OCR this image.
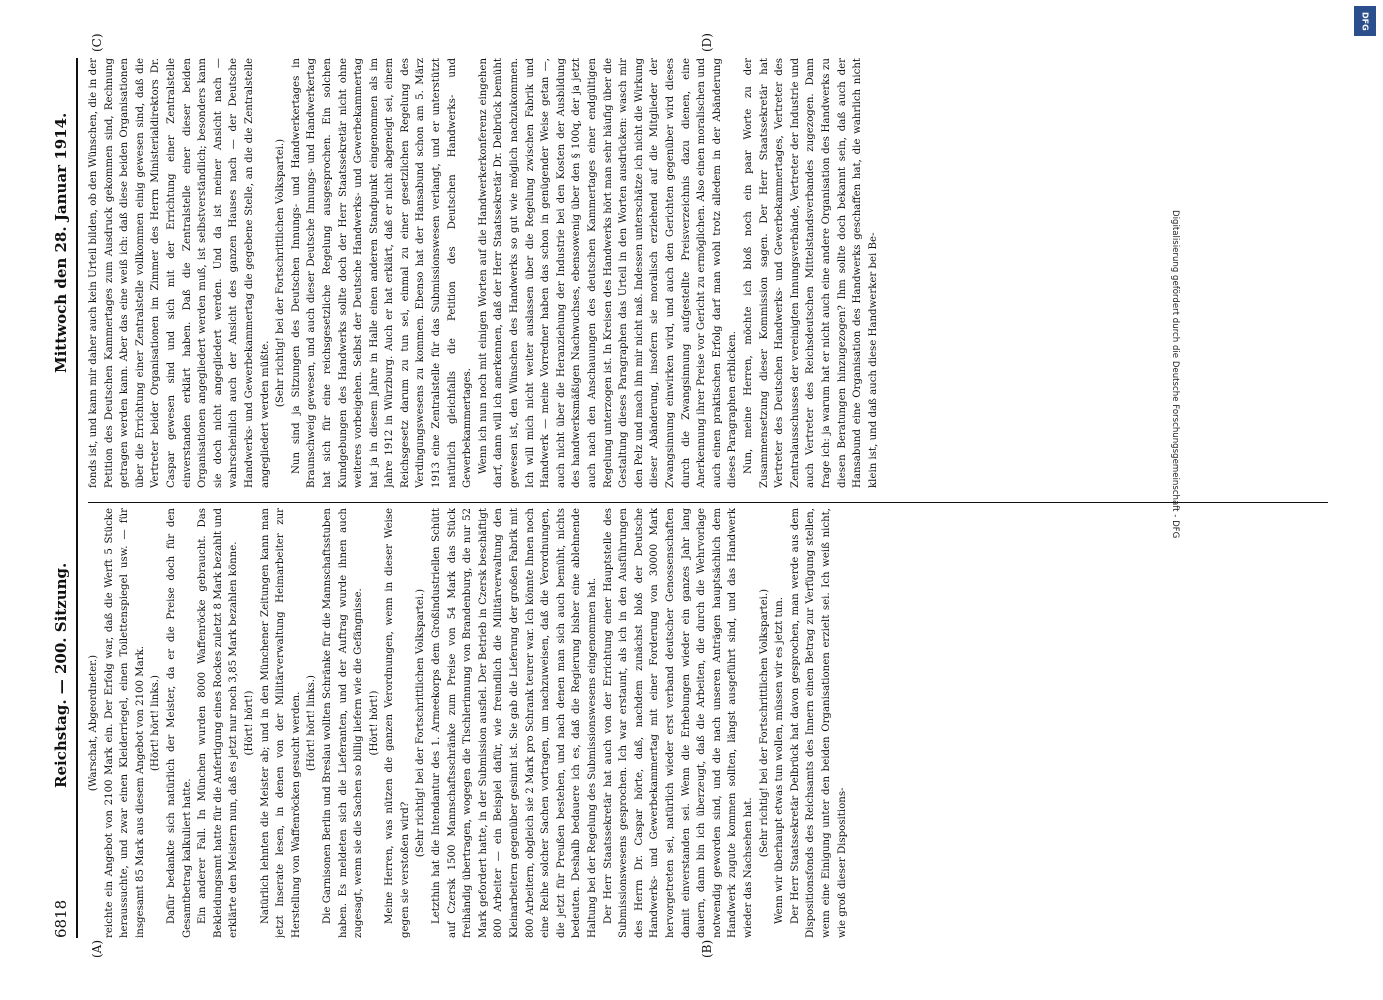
6818
Reichstag. — 200. Sitzung.
Mittwoch den 28. Januar 1914.
(A)	(B)
(C)	(D)

(Warschat, Abgeordneter.) reichte ein Angebot von 2100 Mark ein. Der Erfolg war, daß die Werft 5 Stücke heraussuchte, und zwar einen Kleiderriegel, einen Toilettenspiegel usw. — für insgesamt 85 Mark aus diesem Angebot von 2100 Mark. (Hört! hört! links.) Dafür bedankte sich natürlich der Meister, da er die Preise doch für den Gesamtbetrag kalkuliert hatte. Ein anderer Fall. In München wurden 8000 Waffenröcke gebraucht. Das Bekleidungsamt hatte für die Anfertigung eines Rockes zuletzt 8 Mark bezahlt und erklärte den Meistern nun, daß es jetzt nur noch 3,85 Mark bezahlen könne. (Hört! hört!) Natürlich lehnten die Meister ab; und in den Münchener Zeitungen kann man jetzt Inserate lesen, in denen von der Militärverwaltung Heimarbeiter zur Herstellung von Waffenröcken gesucht werden. (Hört! hört! links.) Die Garnisonen Berlin und Breslau wollten Schränke für die Mannschaftsstuben haben. Es meldeten sich die Lieferanten, und der Auftrag wurde ihnen auch zugesagt, wenn sie die Sachen so billig liefern wie die Gefängnisse. (Hört! hört!) Meine Herren, was nützen die ganzen Verordnungen, wenn in dieser Weise gegen sie verstoßen wird?

(Sehr richtig! bei der Fortschrittlichen Volkspartei.) Letzthin hat die Intendantur des 1. Armeekorps dem Großindustriellen Schütt auf Czersk 1500 Mannschaftsschränke zum Preise von 54 Mark das Stück freihändig übertragen, wogegen die Tischlerinnung von Brandenburg, die nur 52 Mark gefordert hatte, in der Submission ausfiel. Der Betrieb in Czersk beschäftigt 800 Arbeiter — ein Beispiel dafür, wie freundlich die Militärverwaltung den Kleinarbeitern gegenüber gesinnt ist. Sie gab die Lieferung der großen Fabrik mit 800 Arbeitern, obgleich sie 2 Mark pro Schrank teurer war. Ich könnte Ihnen noch eine Reihe solcher Sachen vortragen, um nachzuweisen, daß die Verordnungen, die jetzt für Preußen bestehen, und nach denen man sich auch bemüht, nichts bedeuten. Deshalb bedauere ich es, daß die Regierung bisher eine ablehnende Haltung bei der Regelung des Submissionswesens eingenommen hat. Der Herr Staatssekretär hat auch von der Errichtung einer Hauptstelle des Submissionswesens gesprochen. Ich war erstaunt, als ich in den Ausführungen des Herrn Dr. Caspar hörte, daß, nachdem zunächst bloß der Deutsche Handwerks- und Gewerbekammertag mit einer Forderung von 30000 Mark hervorgetreten sei, natürlich wieder erst verband deutscher Genossenschaften damit einverstanden sei. Wenn die Erhebungen wieder ein ganzes Jahr lang dauern, dann bin ich überzeugt, daß die Arbeiten, die durch die Wehrvorlage notwendig geworden sind, und die nach unseren Anträgen hauptsächlich dem Handwerk zugute kommen sollten, längst ausgeführt sind, und das Handwerk wieder das Nachsehen hat.

(Sehr richtig! bei der Fortschrittlichen Volkspartei.) Wenn wir überhaupt etwas tun wollen, müssen wir es jetzt tun. Der Herr Staatssekretär Delbrück hat davon gesprochen, man werde aus dem Dispositionsfonds des Reichsamts des Innern einen Betrag zur Verfügung stellen, wenn eine Einigung unter den beiden Organisationen erzielt sei. Ich weiß nicht, wie groß dieser Dispositions-

fonds ist, und kann mir daher auch kein Urteil bilden, ob den Wünschen, die in der Petition des Deutschen Kammertages zum Ausdruck gekommen sind, Rechnung getragen werden kann. Aber das eine weiß ich: daß diese beiden Organisationen über die Errichtung einer Zentralstelle vollkommen einig gewesen sind, daß die Vertreter beider Organisationen im Zimmer des Herrn Ministerialdirektors Dr. Caspar gewesen sind und sich mit der Errichtung einer Zentralstelle einverstanden erklärt haben. Daß die Zentralstelle einer dieser beiden Organisationen angegliedert werden muß, ist selbstverständlich; besonders kann sie doch nicht angegliedert werden. Und da ist meiner Ansicht nach — wahrscheinlich auch der Ansicht des ganzen Hauses nach — der Deutsche Handwerks- und Gewerbekammertag die gegebene Stelle, an die die Zentralstelle angegliedert werden müßte.

(Sehr richtig! bei der Fortschrittlichen Volkspartei.) Nun sind ja Sitzungen des Deutschen Innungs- und Handwerkertages in Braunschweig gewesen, und auch dieser Deutsche Innungs- und Handwerkertag hat sich für eine reichsgesetzliche Regelung ausgesprochen. Ein solchen Kundgebungen des Handwerks sollte doch der Herr Staatssekretär nicht ohne weiteres vorbeigehen. Selbst der Deutsche Handwerks- und Gewerbekammertag hat ja in diesem Jahre in Halle einen anderen Standpunkt eingenommen als im Jahre 1912 in Würzburg. Auch er hat erklärt, daß er nicht abgeneigt sei, einem Reichsgesetz darum zu tun sei, einmal zu einer gesetzlichen Regelung des Verdingungswesens zu kommen. Ebenso hat der Hansabund schon am 5. März 1913 eine Zentralstelle für das Submissionswesen verlangt, und er unterstützt natürlich gleichfalls die Petition des Deutschen Handwerks- und Gewerbekammertages. Wenn ich nun noch mit einigen Worten auf die Handwerkerkonferenz eingehen darf, dann will ich anerkennen, daß der Herr Staatssekretär Dr. Delbrück bemüht gewesen ist, den Wünschen des Handwerks so gut wie möglich nachzukommen. Ich will mich nicht weiter auslassen über die Regelung zwischen Fabrik und Handwerk — meine Vorredner haben das schon in genügender Weise getan —, auch nicht über die Heranziehung der Industrie bei den Kosten der Ausbildung des handwerksmäßigen Nachwuchses, ebensowenig über den § 100q, der ja jetzt auch nach den Anschauungen des deutschen Kammertages einer endgültigen Regelung unterzogen ist. In Kreisen des Handwerks hört man sehr häufig über die Gestaltung dieses Paragraphen das Urteil in den Worten ausdrücken: wasch mir den Pelz und mach ihn mir nicht naß. Indessen unterschätze ich nicht die Wirkung dieser Abänderung, insofern sie moralisch erziehend auf die Mitglieder der Zwangsinnung einwirken wird, und auch den Gerichten gegenüber wird dieses durch die Zwangsinnung aufgestellte Preisverzeichnis dazu dienen, eine Anerkennung ihrer Preise vor Gericht zu ermöglichen. Also einen moralischen und auch einen praktischen Erfolg darf man wohl trotz alledem in der Abänderung dieses Paragraphen erblicken. Nun, meine Herren, möchte ich bloß noch ein paar Worte zu der Zusammensetzung dieser Kommission sagen. Der Herr Staatssekretär hat Vertreter des Deutschen Handwerks- und Gewerbekammertages, Vertreter des Zentralausschusses der vereinigten Innungsverbände, Vertreter der Industrie und auch Vertreter des Reichsdeutschen Mittelstandsverbandes zugezogen. Dann frage ich: ja warum hat er nicht auch eine andere Organisation des Handwerks zu diesen Beratungen hinzugezogen? Ihm sollte doch bekannt sein, daß auch der Hansabund eine Organisation des Handwerks geschaffen hat, die wahrlich nicht klein ist, und daß auch diese Handwerker bei Be-	Digitalisierung gefördert durch die Deutsche Forschungsgemeinschaft - DFG
DFG
